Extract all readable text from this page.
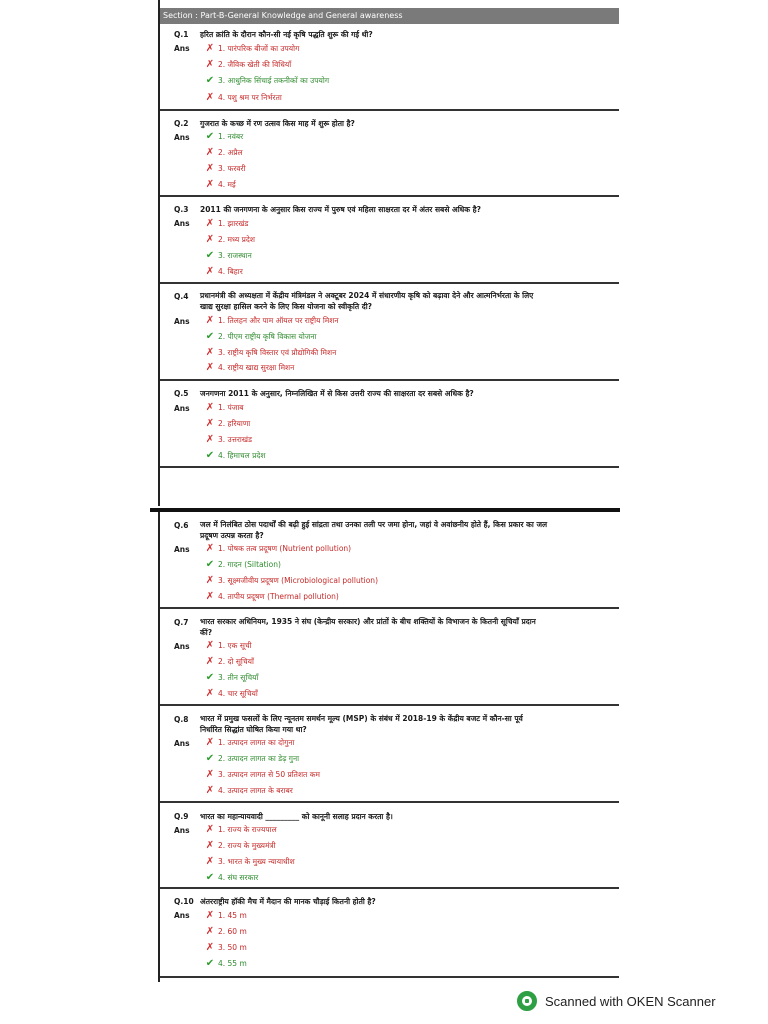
Section : Part-B-General Knowledge and General awareness
Q.1 हरित क्रांति के दौरान कौन-सी नई कृषि पद्धति शुरू की गई थी?
Ans ✗ 1. पारंपरिक बीजों का उपयोग
✗ 2. जैविक खेती की विधियाँ
✔ 3. आधुनिक सिंचाई तकनीकों का उपयोग
✗ 4. पशु श्रम पर निर्भरता
Q.2 गुजरात के कच्छ में रण उत्सव किस माह में शुरू होता है?
Ans ✔ 1. नवंबर
✗ 2. अप्रैल
✗ 3. फरवरी
✗ 4. मई
Q.3 2011 की जनगणना के अनुसार किस राज्य में पुरुष एवं महिला साक्षरता दर में अंतर सबसे अधिक है?
Ans ✗ 1. झारखंड
✗ 2. मध्य प्रदेश
✔ 3. राजस्थान
✗ 4. बिहार
Q.4 प्रधानमंत्री की अध्यक्षता में केंद्रीय मंत्रिमंडल ने अक्टूबर 2024 में संधारणीय कृषि को बढ़ावा देने और आत्मनिर्भरता के लिए खाद्य सुरक्षा हासिल करने के लिए किस योजना को स्वीकृति दी?
Ans ✗ 1. तिलहन और पाम ऑयल पर राष्ट्रीय मिशन
✔ 2. पीएम राष्ट्रीय कृषि विकास योजना
✗ 3. राष्ट्रीय कृषि विस्तार एवं प्रौद्योगिकी मिशन
✗ 4. राष्ट्रीय खाद्य सुरक्षा मिशन
Q.5 जनगणना 2011 के अनुसार, निम्नलिखित में से किस उत्तरी राज्य की साक्षरता दर सबसे अधिक है?
Ans ✗ 1. पंजाब
✗ 2. हरियाणा
✗ 3. उत्तराखंड
✔ 4. हिमाचल प्रदेश
Q.6 जल में निलंबित ठोस पदार्थों की बढ़ी हुई सांद्रता तथा उनका तली पर जमा होना, जहां वे अवांछनीय होते हैं, किस प्रकार का जल प्रदूषण उत्पन्न करता है?
Ans ✗ 1. पोषक तत्व प्रदूषण (Nutrient pollution)
✔ 2. गादन (Siltation)
✗ 3. सूक्ष्मजीवीय प्रदूषण (Microbiological pollution)
✗ 4. तापीय प्रदूषण (Thermal pollution)
Q.7 भारत सरकार अधिनियम, 1935 ने संघ (केन्द्रीय सरकार) और प्रांतों के बीच शक्तियों के विभाजन के कितनी सूचियाँ प्रदान कीं?
Ans ✗ 1. एक सूची
✗ 2. दो सूचियाँ
✔ 3. तीन सूचियाँ
✗ 4. चार सूचियाँ
Q.8 भारत में प्रमुख फसलों के लिए न्यूनतम समर्थन मूल्य (MSP) के संबंध में 2018-19 के केंद्रीय बजट में कौन-सा पूर्व निर्धारित सिद्धांत घोषित किया गया था?
Ans ✗ 1. उत्पादन लागत का दोगुना
✔ 2. उत्पादन लागत का डेढ़ गुना
✗ 3. उत्पादन लागत से 50 प्रतिशत कम
✗ 4. उत्पादन लागत के बराबर
Q.9 भारत का महान्यायवादी _________ को कानूनी सलाह प्रदान करता है।
Ans ✗ 1. राज्य के राज्यपाल
✗ 2. राज्य के मुख्यमंत्री
✗ 3. भारत के मुख्य न्यायाधीश
✔ 4. संघ सरकार
Q.10 अंतरराष्ट्रीय हॉकी मैच में मैदान की मानक चौड़ाई कितनी होती है?
Ans ✗ 1. 45 m
✗ 2. 60 m
✗ 3. 50 m
✔ 4. 55 m
Scanned with OKEN Scanner
